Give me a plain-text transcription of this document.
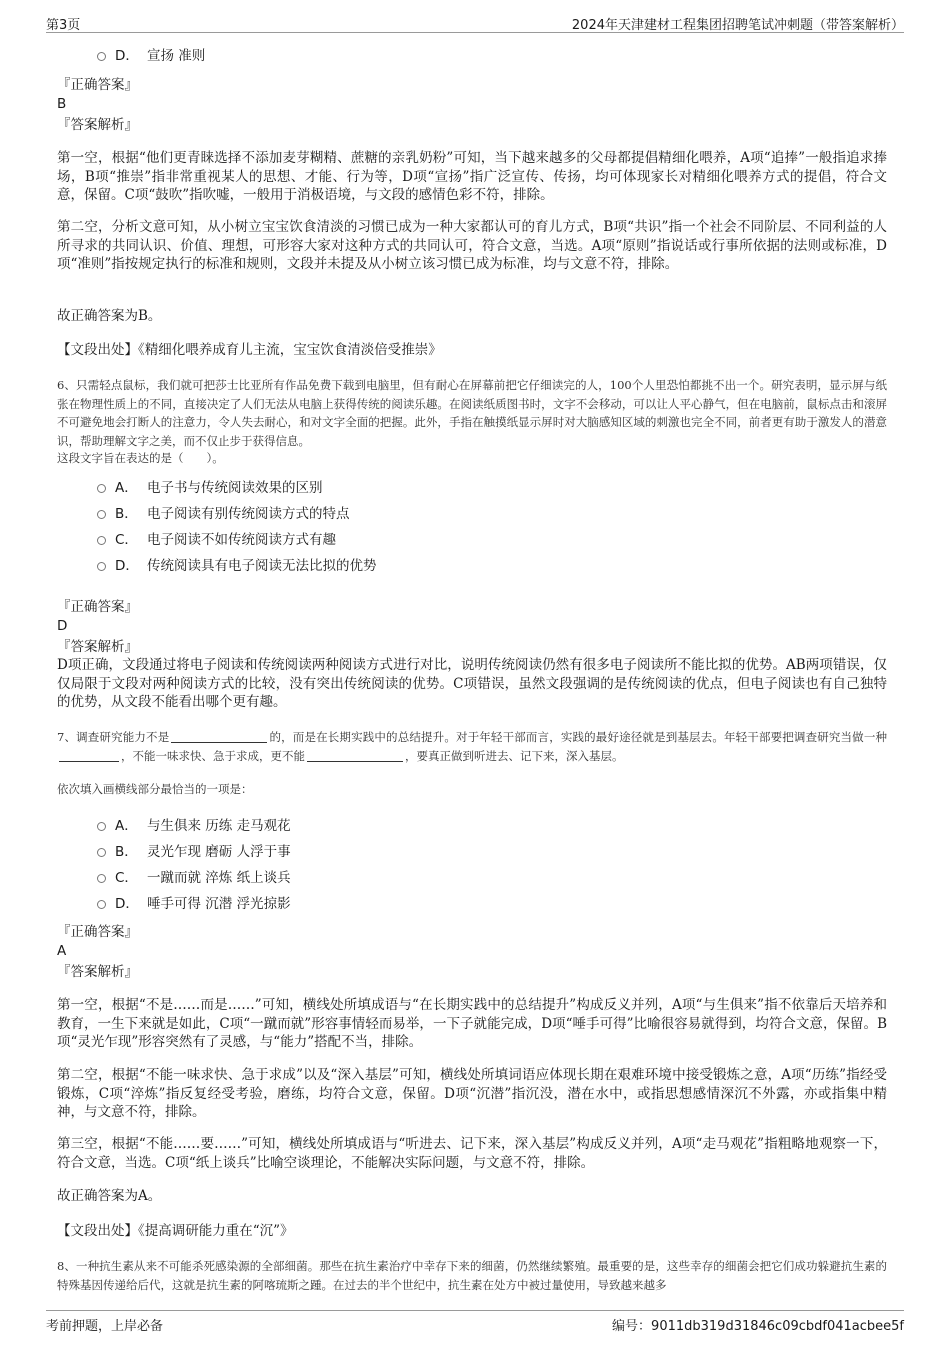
第3页	2024年天津建材工程集团招聘笔试冲刺题（带答案解析）
D． 宣扬 准则
『正确答案』
B
『答案解析』
第一空，根据“他们更青睐选择不添加麦芽糊精、蔗糖的亲乳奶粉”可知，当下越来越多的父母都提倡精细化喂养，A项“追捧”一般指追求捧场，B项“推崇”指非常重视某人的思想、才能、行为等，D项“宣扬”指广泛宣传、传扬，均可体现家长对精细化喂养方式的提倡，符合文意，保留。C项“鼓吹”指吹嘘，一般用于消极语境，与文段的感情色彩不符，排除。
第二空，分析文意可知，从小树立宝宝饮食清淡的习惯已成为一种大家都认可的育儿方式，B项“共识”指一个社会不同阶层、不同利益的人所寻求的共同认识、价值、理想，可形容大家对这种方式的共同认可，符合文意，当选。A项“原则”指说话或行事所依据的法则或标准，D项“准则”指按规定执行的标准和规则，文段并未提及从小树立该习惯已成为标准，均与文意不符，排除。
故正确答案为B。
【文段出处】《精细化喂养成育儿主流，宝宝饮食清淡倍受推崇》
6、只需轻点鼠标，我们就可把莎士比亚所有作品免费下载到电脑里，但有耐心在屏幕前把它仔细读完的人，100个人里恐怕都挑不出一个。研究表明，显示屏与纸张在物理性质上的不同，直接决定了人们无法从电脑上获得传统的阅读乐趣。在阅读纸质图书时，文字不会移动，可以让人平心静气，但在电脑前，鼠标点击和滚屏不可避免地会打断人的注意力，令人失去耐心，和对文字全面的把握。此外，手指在触摸纸显示屏时对大脑感知区域的刺激也完全不同，前者更有助于激发人的潜意识，帮助理解文字之美，而不仅止步于获得信息。
这段文字旨在表达的是（　　）。
A． 电子书与传统阅读效果的区别
B． 电子阅读有别传统阅读方式的特点
C． 电子阅读不如传统阅读方式有趣
D． 传统阅读具有电子阅读无法比拟的优势
『正确答案』
D
『答案解析』
D项正确，文段通过将电子阅读和传统阅读两种阅读方式进行对比，说明传统阅读仍然有很多电子阅读所不能比拟的优势。AB两项错误，仅仅局限于文段对两种阅读方式的比较，没有突出传统阅读的优势。C项错误，虽然文段强调的是传统阅读的优点，但电子阅读也有自己独特的优势，从文段不能看出哪个更有趣。
7、调查研究能力不是	的，而是在长期实践中的总结提升。对于年轻干部而言，实践的最好途径就是到基层去。年轻干部要把调查研究当做一种，不能一味求快、急于求成，更不能	，要真正做到听进去、记下来，深入基层。
依次填入画横线部分最恰当的一项是：
A． 与生俱来 历练 走马观花
B． 灵光乍现 磨砺 人浮于事
C． 一蹴而就 淬炼 纸上谈兵
D． 唾手可得 沉潜 浮光掠影
『正确答案』
A
『答案解析』
第一空，根据“不是……而是……”可知，横线处所填成语与“在长期实践中的总结提升”构成反义并列，A项“与生俱来”指不依靠后天培养和教育，一生下来就是如此，C项“一蹴而就”形容事情轻而易举，一下子就能完成，D项“唾手可得”比喻很容易就得到，均符合文意，保留。B项“灵光乍现”形容突然有了灵感，与“能力”搭配不当，排除。
第二空，根据“不能一味求快、急于求成”以及“深入基层”可知，横线处所填词语应体现长期在艰难环境中接受锻炼之意，A项“历练”指经受锻炼，C项“淬炼”指反复经受考验，磨练，均符合文意，保留。D项“沉潜”指沉没，潜在水中，或指思想感情深沉不外露，亦或指集中精神，与文意不符，排除。
第三空，根据“不能……要……”可知，横线处所填成语与“听进去、记下来，深入基层”构成反义并列，A项“走马观花”指粗略地观察一下，符合文意，当选。C项“纸上谈兵”比喻空谈理论，不能解决实际问题，与文意不符，排除。
故正确答案为A。
【文段出处】《提高调研能力重在“沉”》
8、一种抗生素从来不可能杀死感染源的全部细菌。那些在抗生素治疗中幸存下来的细菌，仍然继续繁殖。最重要的是，这些幸存的细菌会把它们成功躲避抗生素的特殊基因传递给后代，这就是抗生素的阿喀琉斯之踵。在过去的半个世纪中，抗生素在处方中被过量使用，导致越来越多
考前押题，上岸必备	编号：9011db319d31846c09cbdf041acbee5f
